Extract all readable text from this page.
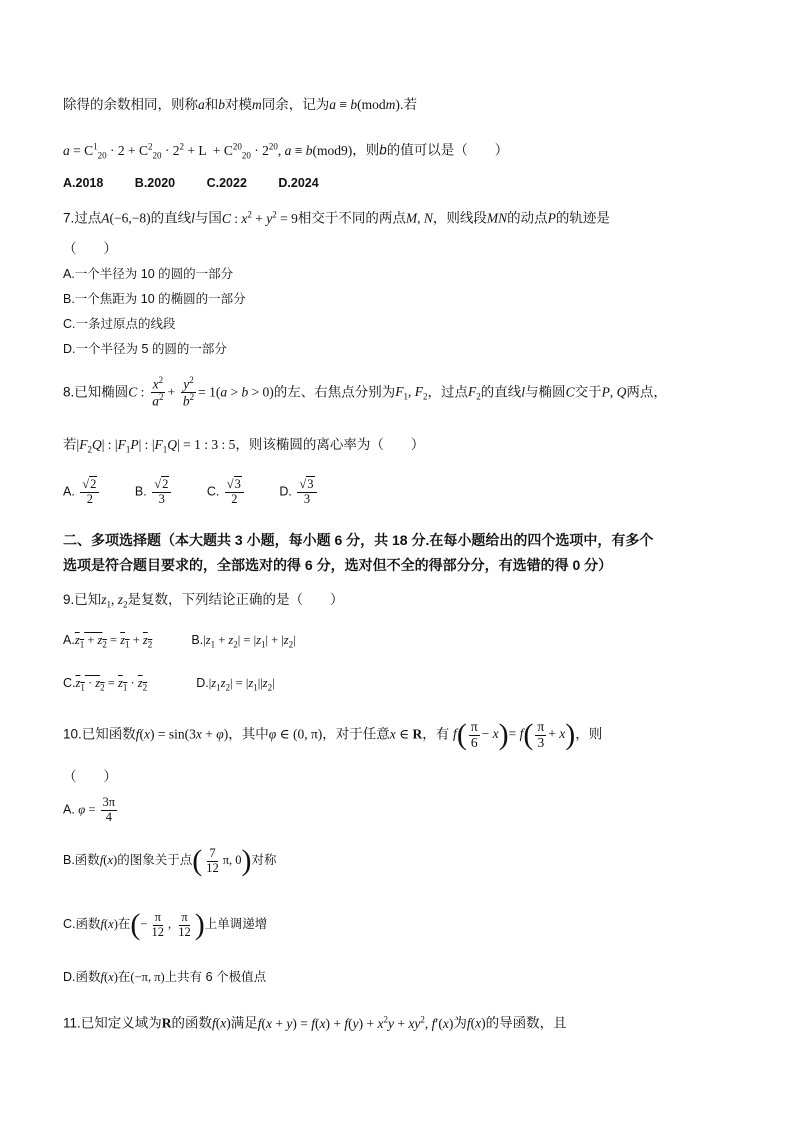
除得的余数相同，则称a和b对模m同余，记为a ≡ b(modm).若
$a = C^1_{20} \cdot 2 + C^2_{20} \cdot 2^2 + L + C^{20}_{20} \cdot 2^{20}$, a ≡ b(mod9)，则b的值可以是（　　）
A.2018	B.2020	C.2022	D.2024
7.过点A(−6,−8)的直线l与国C : $x^2 + y^2 = 9$相交于不同的两点M, N，则线段MN的动点P的轨迹是
（　　）
A.一个半径为 10 的圆的一部分
B.一个焦距为 10 的椭圆的一部分
C.一条过原点的线段
D.一个半径为 5 的圆的一部分
8.已知椭圆C : $\frac{x^2}{a^2} + \frac{y^2}{b^2} = 1(a > b > 0)$的左、右焦点分别为$F_1$, $F_2$，过点$F_2$的直线l与椭圆C交于P, Q两点，
若$|F_2Q|$ : $|F_1P|$ : $|F_1Q| = 1$ : 3 : 5，则该椭圆的离心率为（　　）
A. $\frac{√2}{2}$	B. $\frac{√2}{3}$	C. $\frac{√3}{2}$	D. $\frac{√3}{3}$
二、多项选择题（本大题共 3 小题，每小题 6 分，共 18 分.在每小题给出的四个选项中，有多个
选项是符合题目要求的，全部选对的得 6 分，选对但不全的得部分分，有选错的得 0 分）
9.已知$z_1$, $z_2$是复数，下列结论正确的是（　　）
$A.z_1 + z_2 = z_1 + z_2$	$B.|z_1 + z_2| = |z_1| + |z_2|$
$C.z_1 \cdot z_2 = z_1 \cdot z_2$	$D.|z_1z_2| = |z_1||z_2|$
10.已知函数f(x) = sin(3x + φ)，其中φ ∈ (0, π)，对于任意x ∈ R，有 $f( \frac{\pi}{6} - x)= f( \frac{\pi}{3} + x)$，则
（　　）
A. $\varphi = \frac{3\pi}{4}$
B.函数f(x)的图象关于点( $\frac{7}{12} \pi$, 0)对称
C.函数f(x)在(− $\frac{\pi}{12}$ , $\frac{\pi}{12}$ )上单调递增
D.函数f(x)在(−π, π)上共有 6 个极值点
11.已知定义域为R的函数f(x)满足$f(x + y) = f(x) + f(y) + x^2y + xy^2$, f′(x)为f(x)的导函数，且
